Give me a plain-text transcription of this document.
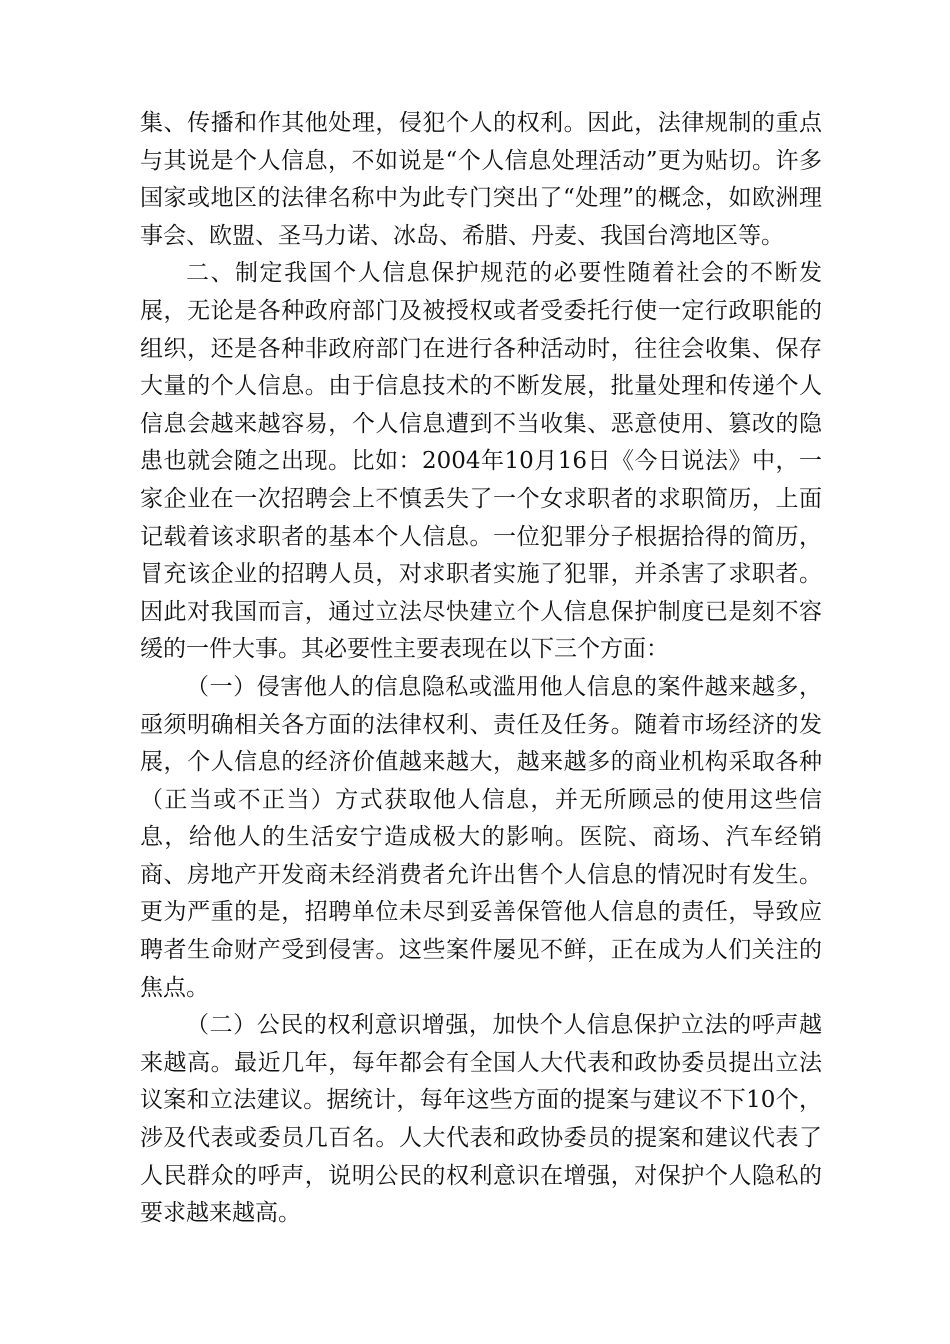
集、传播和作其他处理，侵犯个人的权利。因此，法律规制的重点与其说是个人信息，不如说是“个人信息处理活动”更为贴切。许多国家或地区的法律名称中为此专门突出了“处理”的概念，如欧洲理事会、欧盟、圣马力诺、冰岛、希腊、丹麦、我国台湾地区等。

二、制定我国个人信息保护规范的必要性随着社会的不断发展，无论是各种政府部门及被授权或者受委托行使一定行政职能的组织，还是各种非政府部门在进行各种活动时，往往会收集、保存大量的个人信息。由于信息技术的不断发展，批量处理和传递个人信息会越来越容易，个人信息遭到不当收集、恶意使用、篡改的隐患也就会随之出现。比如：2004年10月16日《今日说法》中，一家企业在一次招聘会上不慎丢失了一个女求职者的求职简历，上面记载着该求职者的基本个人信息。一位犯罪分子根据拾得的简历，冒充该企业的招聘人员，对求职者实施了犯罪，并杀害了求职者。因此对我国而言，通过立法尽快建立个人信息保护制度已是刻不容缓的一件大事。其必要性主要表现在以下三个方面：

（一）侵害他人的信息隐私或滥用他人信息的案件越来越多，亟须明确相关各方面的法律权利、责任及任务。随着市场经济的发展，个人信息的经济价值越来越大，越来越多的商业机构采取各种（正当或不正当）方式获取他人信息，并无所顾忌的使用这些信息，给他人的生活安宁造成极大的影响。医院、商场、汽车经销商、房地产开发商未经消费者允许出售个人信息的情况时有发生。更为严重的是，招聘单位未尽到妥善保管他人信息的责任，导致应聘者生命财产受到侵害。这些案件屡见不鲜，正在成为人们关注的焦点。

（二）公民的权利意识增强，加快个人信息保护立法的呼声越来越高。最近几年，每年都会有全国人大代表和政协委员提出立法议案和立法建议。据统计，每年这些方面的提案与建议不下10个，涉及代表或委员几百名。人大代表和政协委员的提案和建议代表了人民群众的呼声，说明公民的权利意识在增强，对保护个人隐私的要求越来越高。
